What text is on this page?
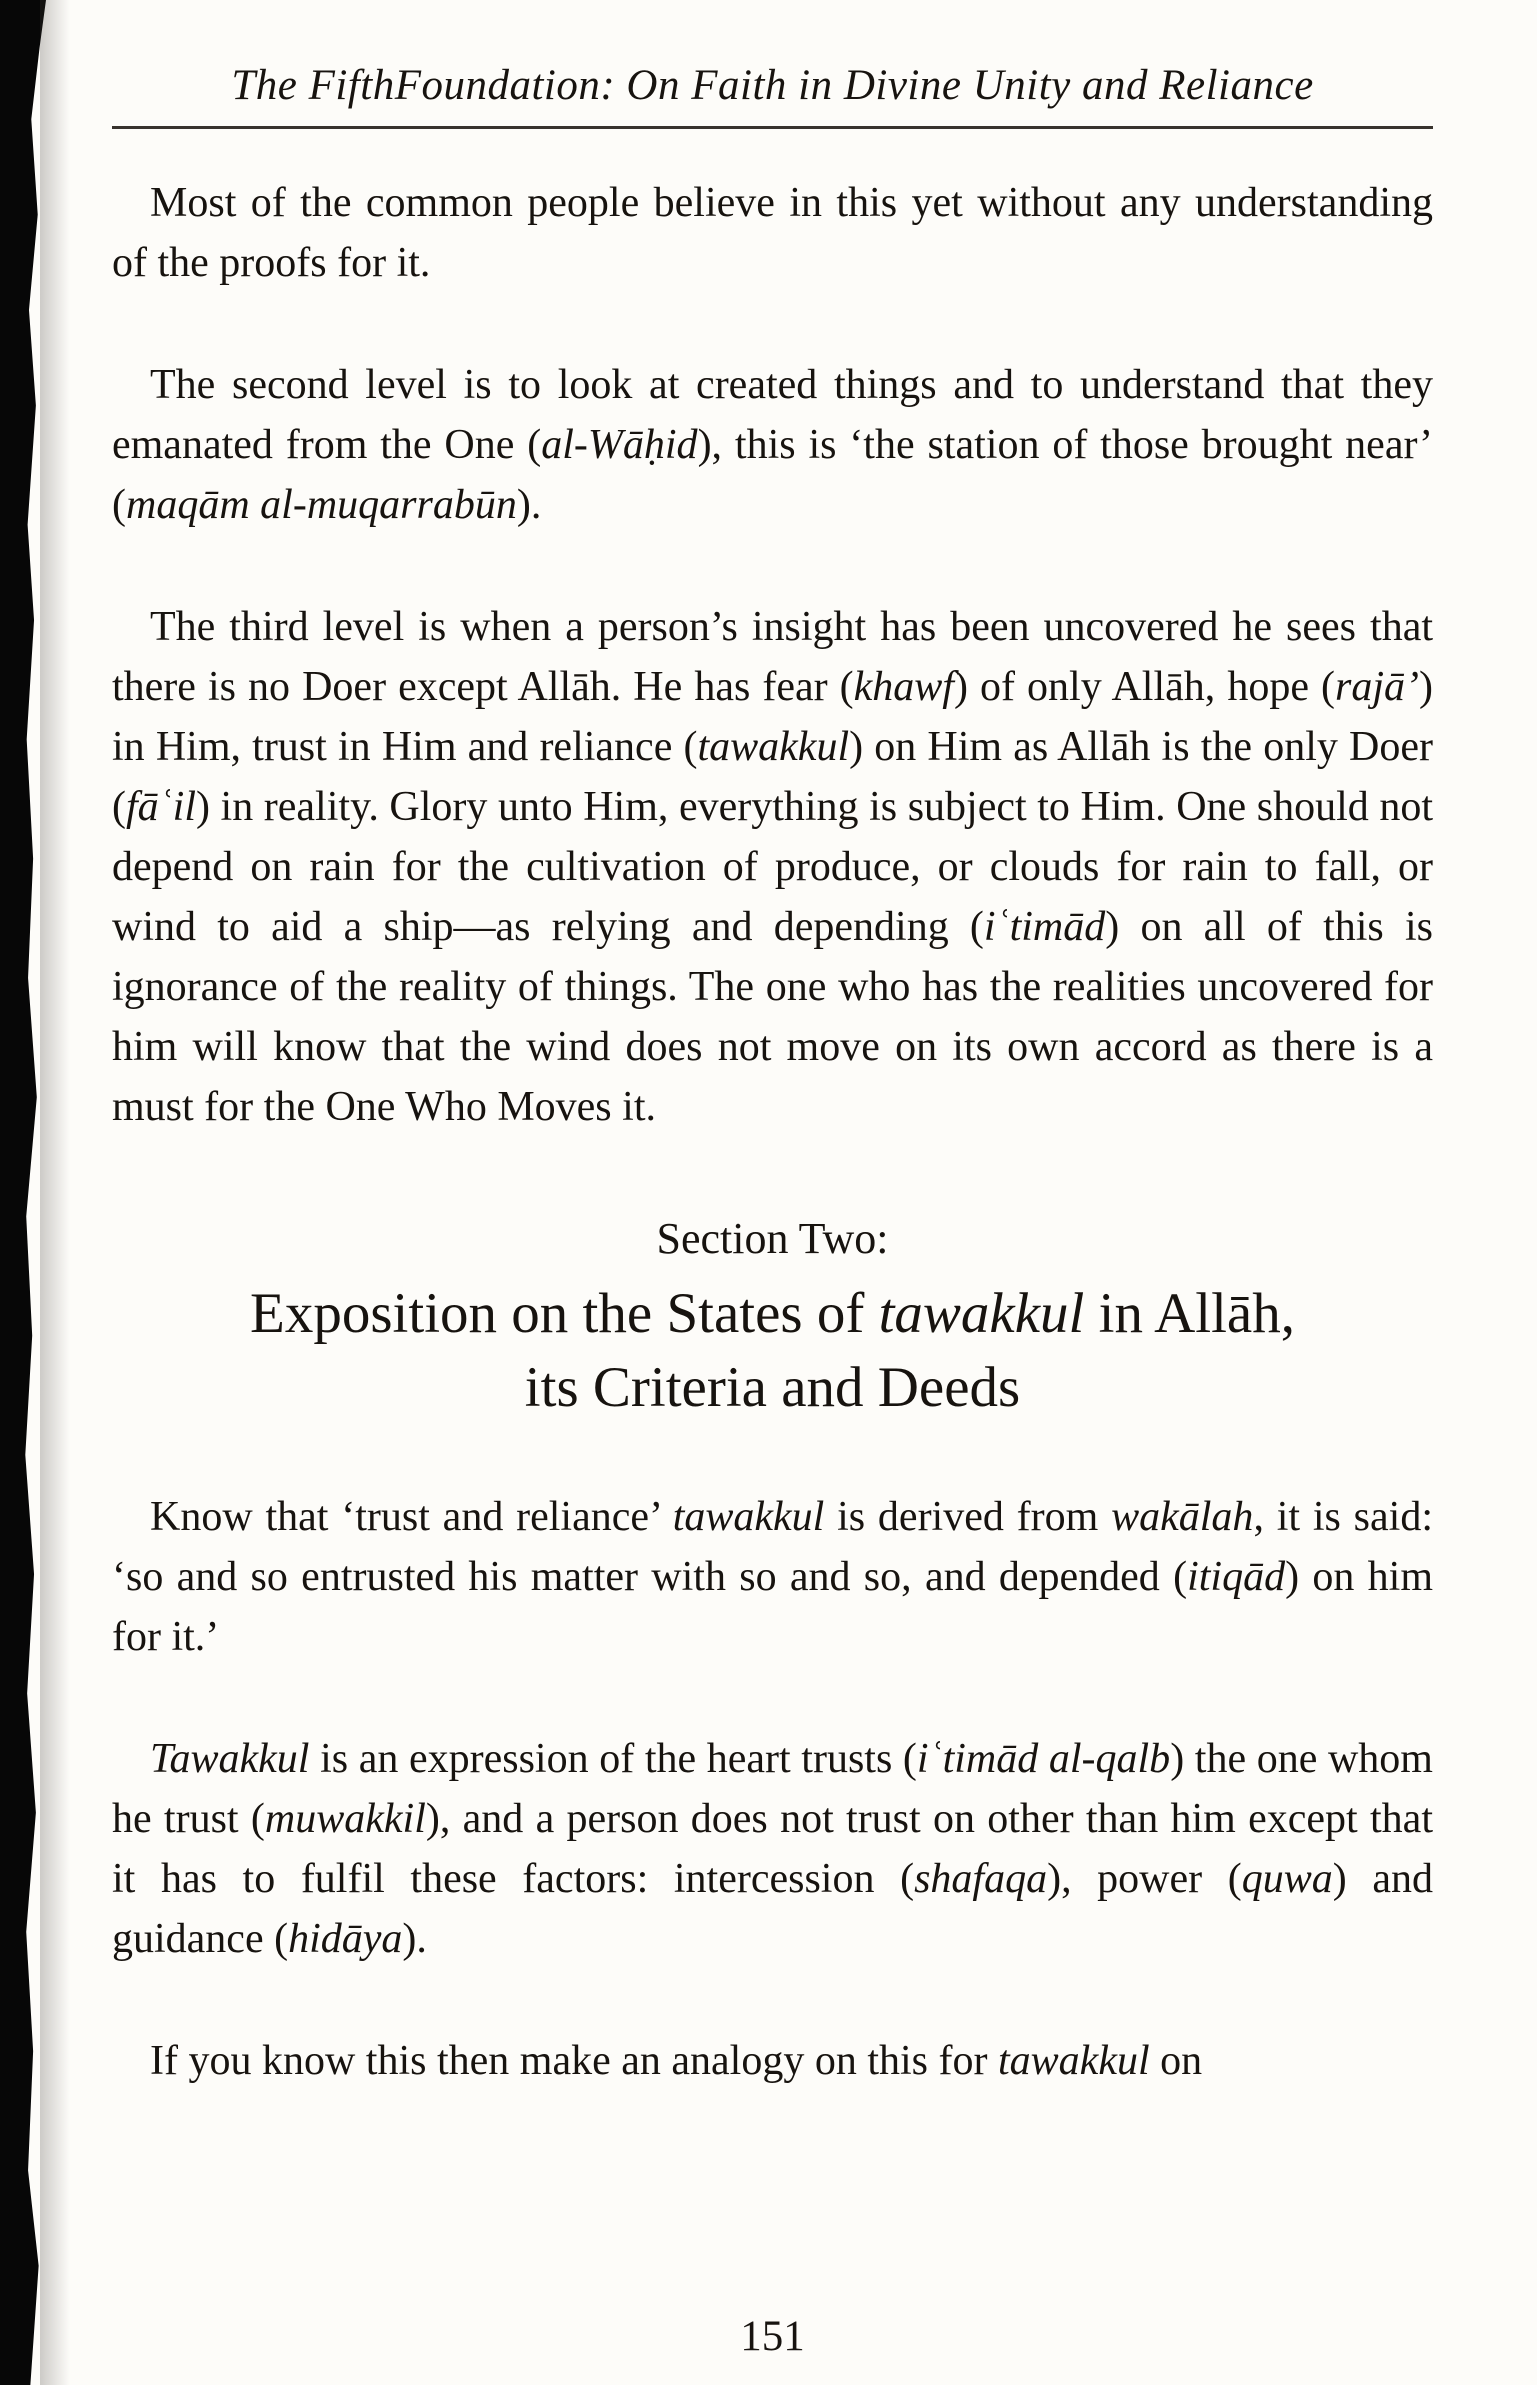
The FifthFoundation: On Faith in Divine Unity and Reliance

Most of the common people believe in this yet without any understanding of the proofs for it.

The second level is to look at created things and to understand that they emanated from the One (al-Wāḥid), this is ‘the station of those brought near’ (maqām al-muqarrabūn).

The third level is when a person’s insight has been uncovered he sees that there is no Doer except Allāh. He has fear (khawf) of only Allāh, hope (rajā’) in Him, trust in Him and reliance (tawakkul) on Him as Allāh is the only Doer (fāʿil) in reality. Glory unto Him, everything is subject to Him. One should not depend on rain for the cultivation of produce, or clouds for rain to fall, or wind to aid a ship—as relying and depending (iʿtimād) on all of this is ignorance of the reality of things. The one who has the realities uncovered for him will know that the wind does not move on its own accord as there is a must for the One Who Moves it.

Section Two:
Exposition on the States of tawakkul in Allāh,
its Criteria and Deeds

Know that ‘trust and reliance’ tawakkul is derived from wakālah, it is said: ‘so and so entrusted his matter with so and so, and depended (itiqād) on him for it.’

Tawakkul is an expression of the heart trusts (iʿtimād al-qalb) the one whom he trust (muwakkil), and a person does not trust on other than him except that it has to fulfil these factors: intercession (shafaqa), power (quwa) and guidance (hidāya).

If you know this then make an analogy on this for tawakkul on

151
